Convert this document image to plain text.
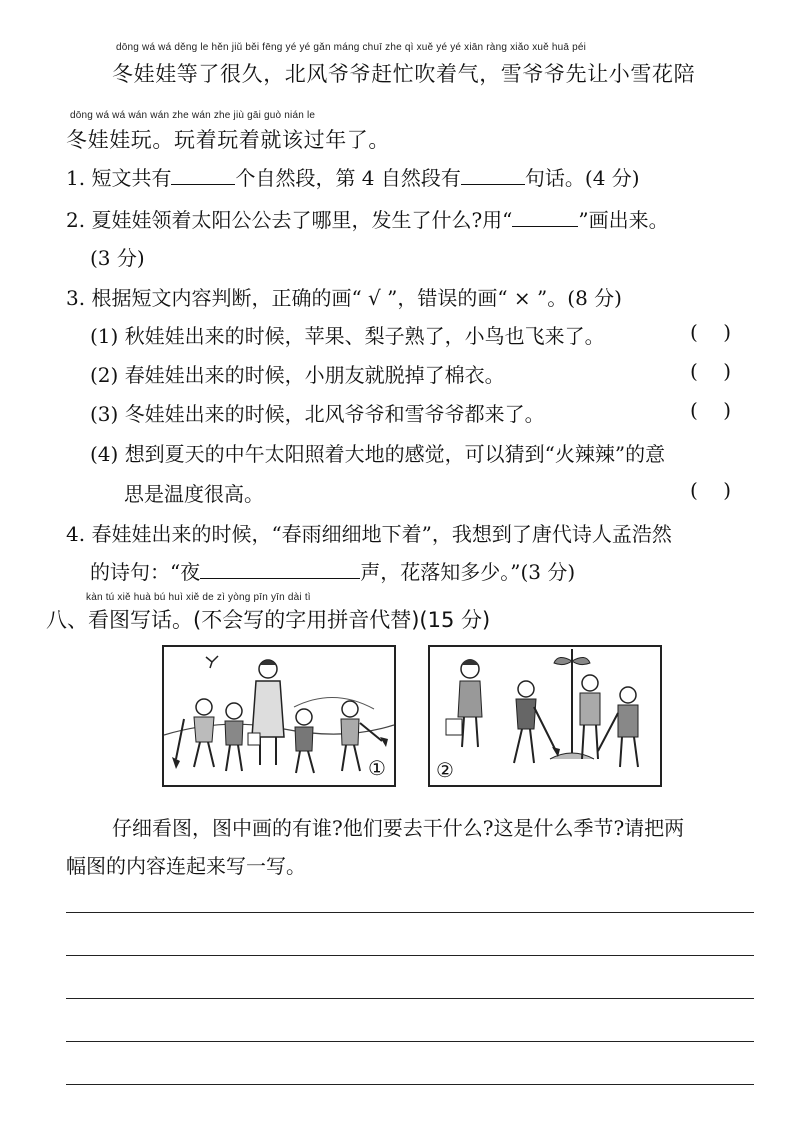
dōng wá wá děng le hěn jiǔ běi fēng yé yé gǎn máng chuī zhe qì xuě yé yé xiān ràng xiǎo xuě huā péi
冬娃娃等了很久，北风爷爷赶忙吹着气，雪爷爷先让小雪花陪
dōng wá wá wán wán zhe wán zhe jiù gāi guò nián le
冬娃娃玩。玩着玩着就该过年了。
1. 短文共有	个自然段，第 4 自然段有	句话。(4 分)
2. 夏娃娃领着太阳公公去了哪里，发生了什么?用“	”画出来。
(3 分)
3. 根据短文内容判断，正确的画“ √ ”，错误的画“ × ”。(8 分)
(1) 秋娃娃出来的时候，苹果、梨子熟了，小鸟也飞来了。	(    )
(2) 春娃娃出来的时候，小朋友就脱掉了棉衣。	(    )
(3) 冬娃娃出来的时候，北风爷爷和雪爷爷都来了。	(    )
(4) 想到夏天的中午太阳照着大地的感觉，可以猜到“火辣辣”的意
思是温度很高。	(    )
4. 春娃娃出来的时候，“春雨细细地下着”，我想到了唐代诗人孟浩然
的诗句：“夜	声，花落知多少。”(3 分)
kàn tú xiě huà bú huì xiě de zì yòng pīn yīn dài tì
八、看图写话。(不会写的字用拼音代替)(15 分)
①	②
仔细看图，图中画的有谁?他们要去干什么?这是什么季节?请把两
幅图的内容连起来写一写。
